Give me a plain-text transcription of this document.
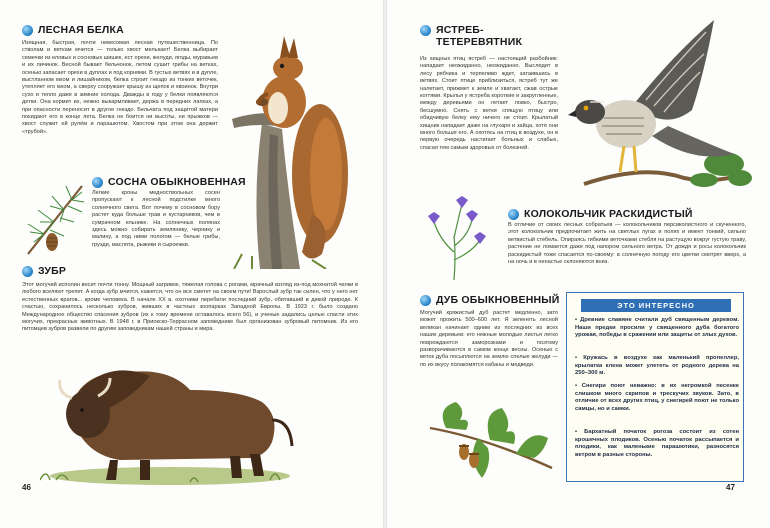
ЛЕСНАЯ БЕЛКА
Изящная, быстрая, почти невесомая лесная путешественница. По стволам и веткам мчится — только хвост мелькает! Белка выбирает семечки из еловых и сосновых шишек, ест орехи, желуди, ягоды, муравьев и их личинок. Весной бывает бельчонок, летом сушит грибы на ветках, осенью запасает орехи в дуплах и под корнями. В густых ветвях и в дупле, выстланном мхом и лишайником, белка строит гнездо из тонких веточек, утепляет его мхом, а сверху сооружает крышу из щепок и хвоинок. Внутри сухо и тепло даже в зимние холода. Дважды в году у белки появляются детки. Она кормит их, нежно выкармливает, держа в передних лапках, а при опасности переносит в другое гнездо. Бельчата под защитой матери покидают его в конце лета. Белка не боится ни высоты, ни прыжков — хвост служит ей рулём и парашютом. Хвостом при этом она держит «трубой».
СОСНА ОБЫКНОВЕННАЯ
Легкие кроны медноствольных сосен пропускают к лесной подстилке много солнечного света. Вот почему в сосновом бору растет куда больше трав и кустарников, чем в сумрачном ельнике. На солнечных полянах здесь можно собирать землянику, чернику и малину, а под ними пологом — белые грибы, грузди, маслята, рыжики и сыроежки.
ЗУБР
Этот могучий исполин весит почти тонну. Мощный загривок, тяжелая голова с рогами, мрачный взгляд из-под мохнатой челки в любого вселяют трепет. А когда зубр мчится, кажется, что он все сметет на своем пути! Взрослый зубр так силен, что у него нет естественных врагов... кроме человека. В начале XX в. охотники перебили последний зубр, обитавший в дикой природе. К счастью, сохранилось несколько зубров, живших в частных зоопарках Западной Европы. В 1923 г. было создано Международное общество спасения зубров (их к тому времени оставалось всего 56), и ученые задались целью спасти этих могучих, прекрасных животных. В 1948 г. в Приокско-Террасном заповеднике был организован зубровый питомник. Из его питомцев зубров развели по другим заповедникам нашей страны и мира.
46
ЯСТРЕБ-ТЕТЕРЕВЯТНИК
Из хищных птиц ястреб — настоящий разбойник: нападает неожиданно, неожиданно. Выследит в лесу рябчика и терпеливо ждет, затаившись в ветвях. Стоит птице приблизиться, ястреб тут же налетает, прижмет к земле и хватает, сжав острые когтями. Крылья у ястреба короткие и закругленные, между деревьями он летает ловко, быстро, бесшумно. Снять с ветки спящую птицу или обидчивую белку ему ничего не стоит. Крылатый хищник нападает даже на глухаря и зайца, хотя они много больше его. А охотясь на птиц в воздухе, он в первую очередь настигает больных и слабых, спасая тем самым здоровых от болезней.
КОЛОКОЛЬЧИК РАСКИДИСТЫЙ
В отличие от своих лесных собратьев — колокольчиков персиколистного и скученного, этот колокольчик предпочитает жить на светлых лугах и полях и имеет тонкий, сильно ветвистый стебель. Опираясь гибкими веточками стебля на растущую вокруг густую траву, растение не ломается даже под напором сильного ветра. От дождя и росы колокольчик раскидистый тоже спасается по-своему: в солнечную погоду его цветки смотрят вверх, а на ночь и в ненастье склоняются вниз.
ДУБ ОБЫКНОВЕННЫЙ
Могучий кряжистый дуб растет медленно, зато может прожить 500–600 лет. Я зеленеть лесной великан начинает одним из последних из всех наших деревьев: его нежные молодые листья легко повреждаются заморозками и поэтому разворачиваются в самом конце весны. Осенью с веток дуба посыплются на землю спелые желуди — по их вкусу полакомятся кабаны и медведи.
ЭТО ИНТЕРЕСНО
• Древние славяне считали дуб священным деревом. Наши предки просили у священного дуба богатого урожая, победы в сражении или защиты от злых духов.
• Кружась в воздухе как маленький пропеллер, крылатка клена может улететь от родного дерева на 250–300 м.
• Снегири поют неважно: в их негромкой песенке слишком много скрипов и трескучих звуков. Зато, в отличие от всех других птиц, у снегирей поют не только самцы, но и самки.
• Бархатный початок рогоза состоит из сотен крошечных плодиков. Осенью початок рассыпается и плодики, как маленькие парашютики, разносятся ветром в разные стороны.
47
